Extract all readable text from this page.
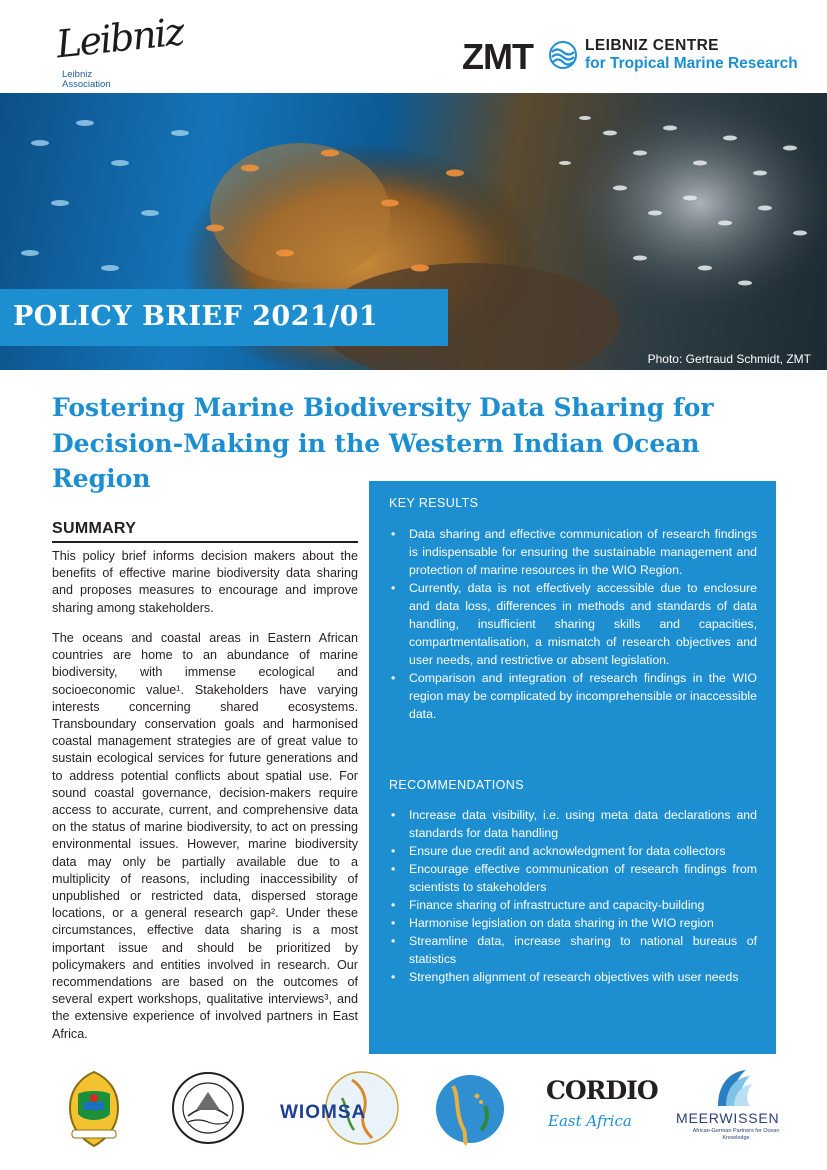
Leibniz
Leibniz
Association
ZMT	LEIBNIZ CENTRE
for Tropical Marine Research
POLICY BRIEF 2021/01
Photo: Gertraud Schmidt, ZMT
Fostering Marine Biodiversity Data Sharing for Decision-Making in the Western Indian Ocean Region
SUMMARY

This policy brief informs decision makers about the benefits of effective marine biodiversity data sharing and proposes measures to encourage and improve sharing among stakeholders.

The oceans and coastal areas in Eastern African countries are home to an abundance of marine biodiversity, with immense ecological and socioeconomic value¹. Stakeholders have varying interests concerning shared ecosystems. Transboundary conservation goals and harmonised coastal management strategies are of great value to sustain ecological services for future generations and to address potential conflicts about spatial use. For sound coastal governance, decision-makers require access to accurate, current, and comprehensive data on the status of marine biodiversity, to act on pressing environmental issues. However, marine biodiversity data may only be partially available due to a multiplicity of reasons, including inaccessibility of unpublished or restricted data, dispersed storage locations, or a general research gap². Under these circumstances, effective data sharing is a most important issue and should be prioritized by policymakers and entities involved in research. Our recommendations are based on the outcomes of several expert workshops, qualitative interviews³, and the extensive experience of involved partners in East Africa.

KEY RESULTS
• Data sharing and effective communication of research findings is indispensable for ensuring the sustainable management and protection of marine resources in the WIO Region.
• Currently, data is not effectively accessible due to enclosure and data loss, differences in methods and standards of data handling, insufficient sharing skills and capacities, compartmentalisation, a mismatch of research objectives and user needs, and restrictive or absent legislation.
• Comparison and integration of research findings in the WIO region may be complicated by incomprehensible or inaccessible data.
RECOMMENDATIONS
• Increase data visibility, i.e. using meta data declarations and standards for data handling
• Ensure due credit and acknowledgment for data collectors
• Encourage effective communication of research findings from scientists to stakeholders
• Finance sharing of infrastructure and capacity-building
• Harmonise legislation on data sharing in the WIO region
• Streamline data, increase sharing to national bureaus of statistics
• Strengthen alignment of research objectives with user needs
WIOMSA
CORDIO
East Africa	MEERWISSEN
African-German Partners for Ocean Knowledge
